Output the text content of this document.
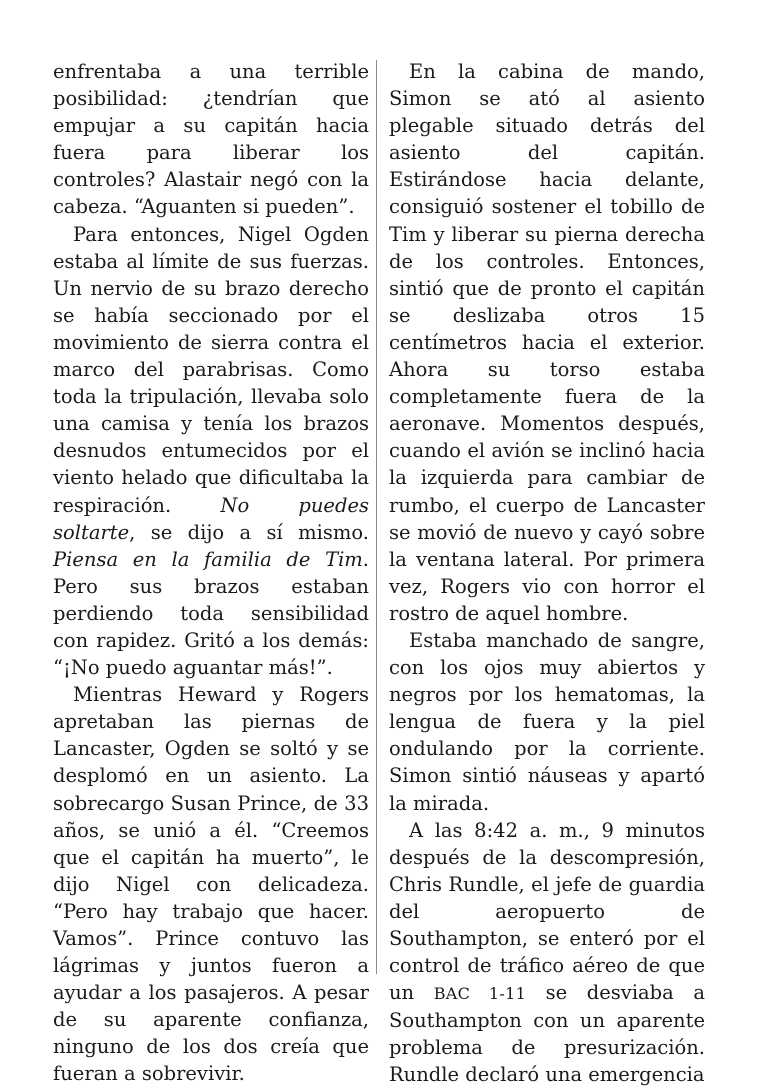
enfrentaba a una terrible posibilidad: ¿tendrían que empujar a su capitán hacia fuera para liberar los controles? Alastair negó con la cabeza. “Aguanten si pueden”.

Para entonces, Nigel Ogden estaba al límite de sus fuerzas. Un nervio de su brazo derecho se había seccionado por el movimiento de sierra contra el marco del parabrisas. Como toda la tripulación, llevaba solo una camisa y tenía los brazos desnudos entumecidos por el viento helado que dificultaba la respiración. No puedes soltarte, se dijo a sí mismo. Piensa en la familia de Tim. Pero sus brazos estaban perdiendo toda sensibilidad con rapidez. Gritó a los demás: “¡No puedo aguantar más!”.

Mientras Heward y Rogers apretaban las piernas de Lancaster, Ogden se soltó y se desplomó en un asiento. La sobrecargo Susan Prince, de 33 años, se unió a él. “Creemos que el capitán ha muerto”, le dijo Nigel con delicadeza. “Pero hay trabajo que hacer. Vamos”. Prince contuvo las lágrimas y juntos fueron a ayudar a los pasajeros. A pesar de su aparente confianza, ninguno de los dos creía que fueran a sobrevivir.

En la cabina de mando, Simon se ató al asiento plegable situado detrás del asiento del capitán. Estirándose hacia delante, consiguió sostener el tobillo de Tim y liberar su pierna derecha de los controles. Entonces, sintió que de pronto el capitán se deslizaba otros 15 centímetros hacia el exterior. Ahora su torso estaba completamente fuera de la aeronave. Momentos después, cuando el avión se inclinó hacia la izquierda para cambiar de rumbo, el cuerpo de Lancaster se movió de nuevo y cayó sobre la ventana lateral. Por primera vez, Rogers vio con horror el rostro de aquel hombre.

Estaba manchado de sangre, con los ojos muy abiertos y negros por los hematomas, la lengua de fuera y la piel ondulando por la corriente. Simon sintió náuseas y apartó la mirada.

A las 8:42 a. m., 9 minutos después de la descompresión, Chris Rundle, el jefe de guardia del aeropuerto de Southampton, se enteró por el control de tráfico aéreo de que un BAC 1-11 se desviaba a Southampton con un aparente problema de presurización. Rundle declaró una emergencia
